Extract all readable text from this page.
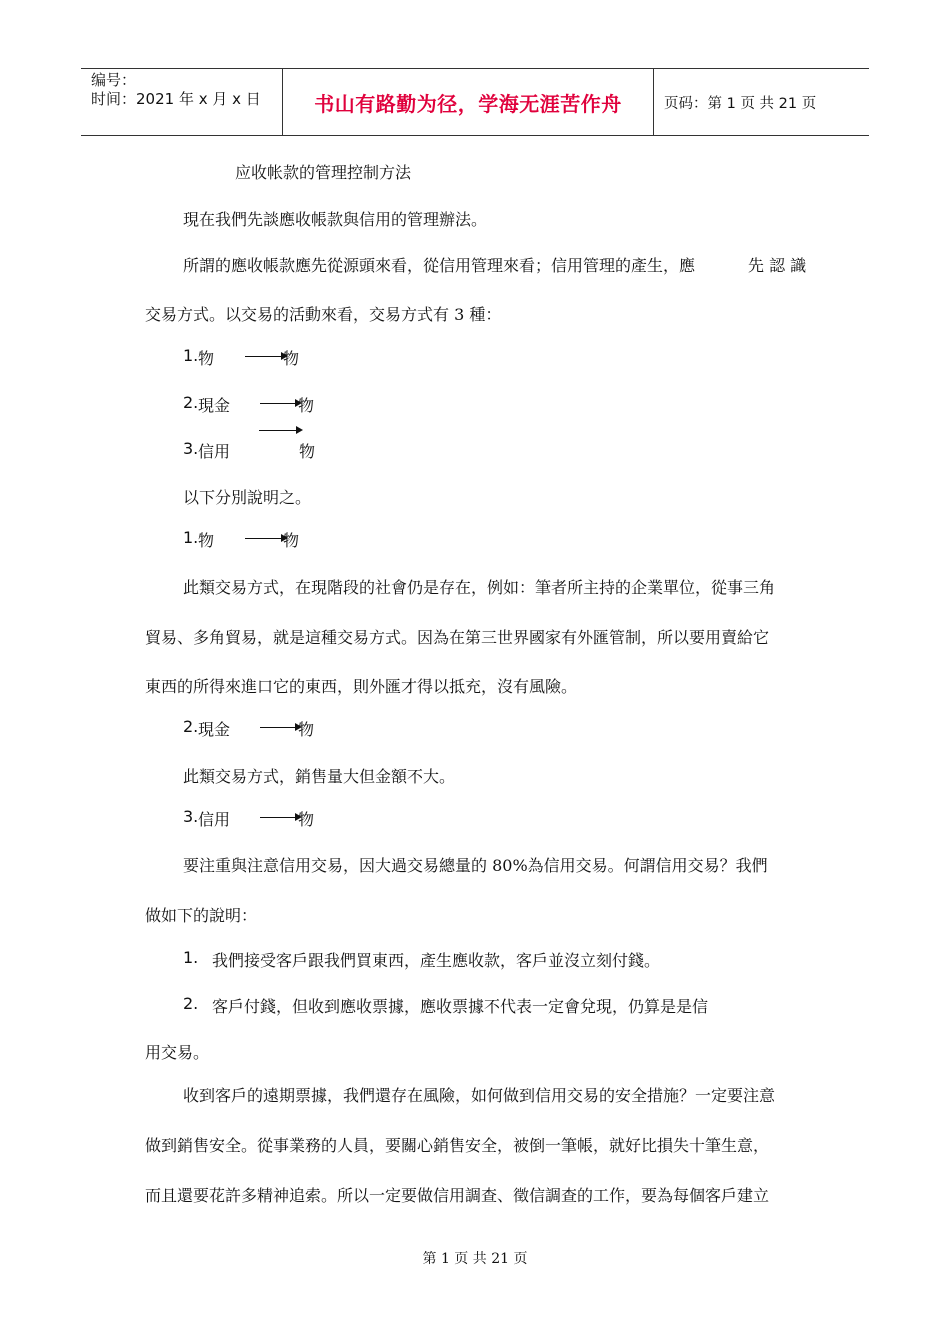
编号：
时间：2021 年 x 月 x 日	书山有路勤为径，学海无涯苦作舟	页码：第 1 页 共 21 页
应收帐款的管理控制方法
現在我們先談應收帳款與信用的管理辦法。
所謂的應收帳款應先從源頭來看，從信用管理來看；信用管理的產生，應	先 認 識
交易方式。以交易的活動來看，交易方式有 3 種：
1. 物	物
2. 現金	物
3. 信用	物
以下分別說明之。
1. 物	物
此類交易方式，在現階段的社會仍是存在，例如：筆者所主持的企業單位，從事三角
貿易、多角貿易，就是這種交易方式。因為在第三世界國家有外匯管制，所以要用賣給它
東西的所得來進口它的東西，則外匯才得以抵充，沒有風險。
2. 現金	物
此類交易方式，銷售量大但金額不大。
3. 信用	物
要注重與注意信用交易，因大過交易總量的 80%為信用交易。何謂信用交易？我們
做如下的說明：
1. 我們接受客戶跟我們買東西，產生應收款，客戶並沒立刻付錢。
2. 客戶付錢，但收到應收票據，應收票據不代表一定會兌現，仍算是是信
用交易。
收到客戶的遠期票據，我們還存在風險，如何做到信用交易的安全措施？一定要注意
做到銷售安全。從事業務的人員，要關心銷售安全，被倒一筆帳，就好比損失十筆生意，
而且還要花許多精神追索。所以一定要做信用調查、徵信調查的工作，要為每個客戶建立
第 1 页 共 21 页
